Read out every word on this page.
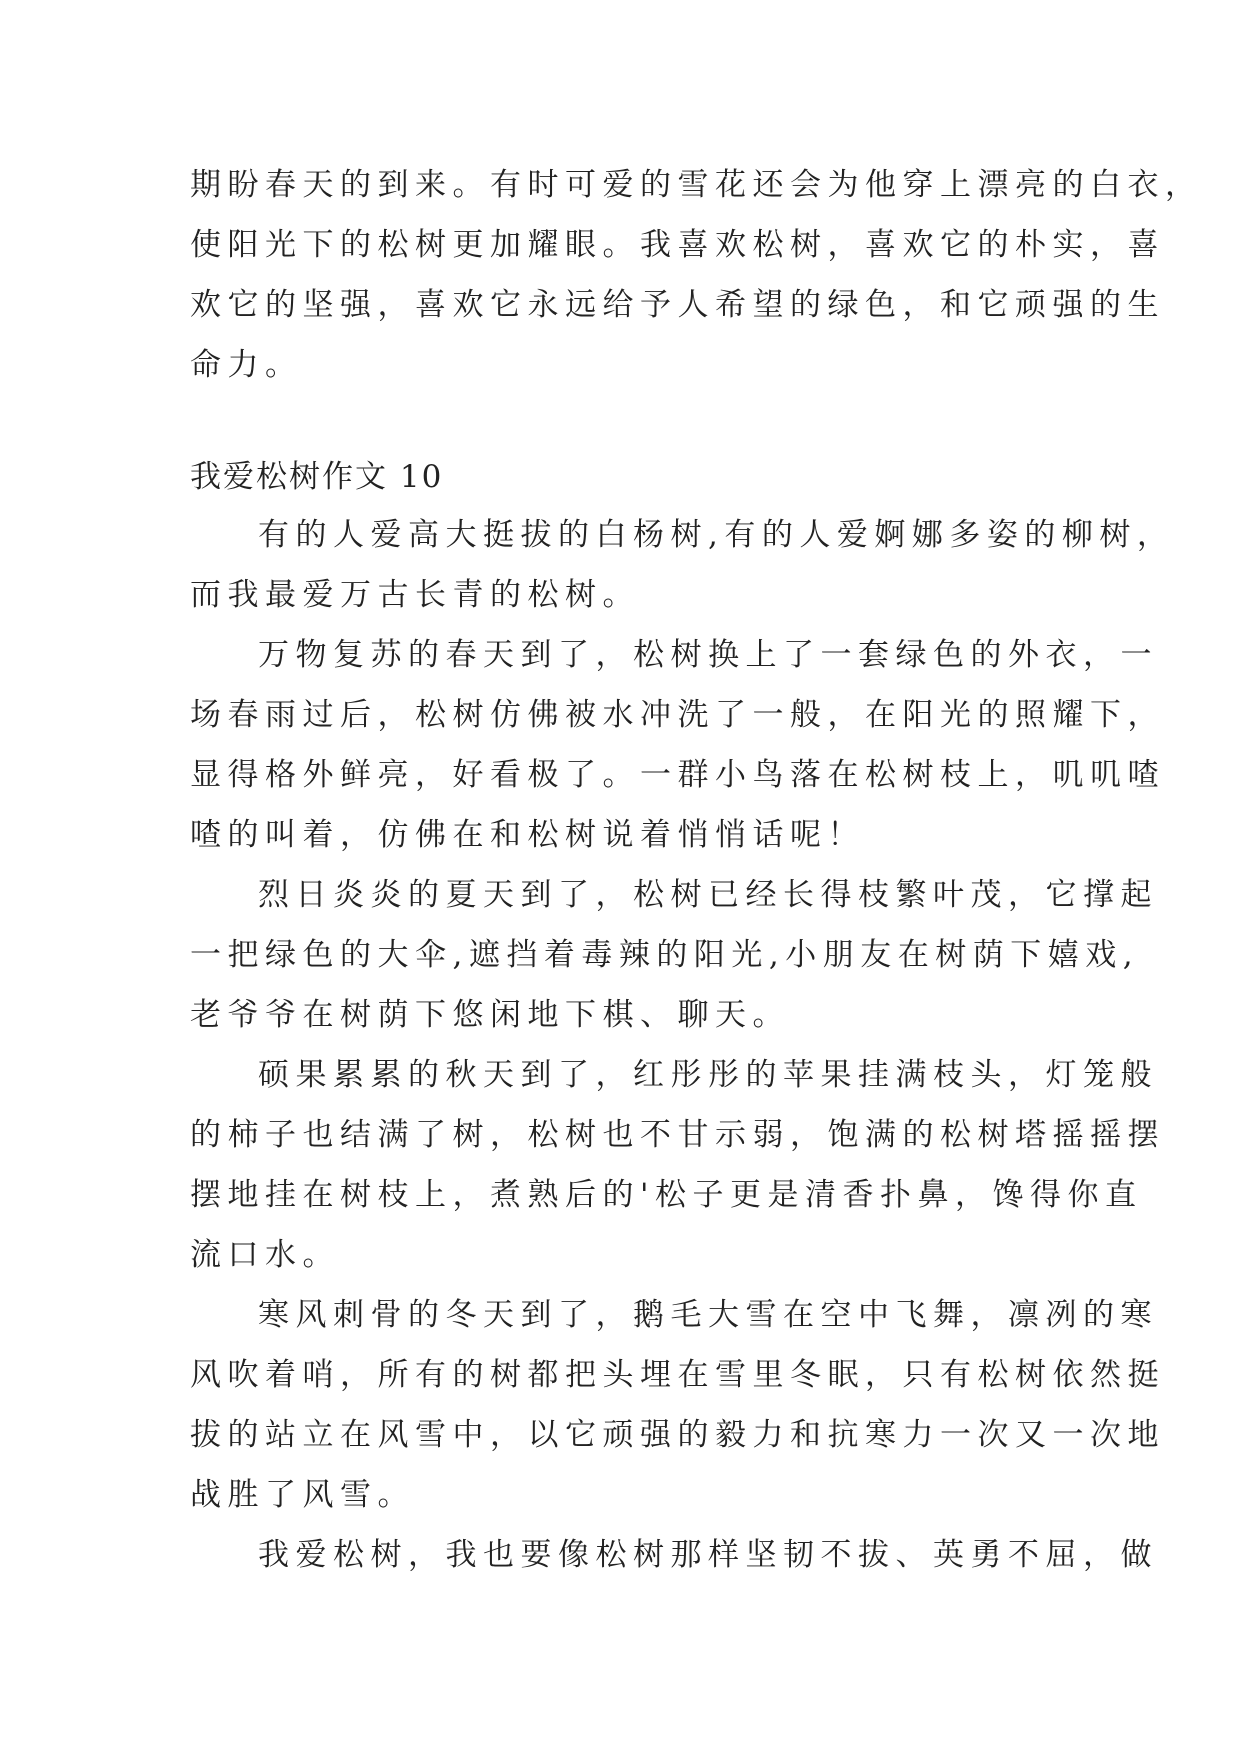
期盼春天的到来。有时可爱的雪花还会为他穿上漂亮的白衣，

使阳光下的松树更加耀眼。我喜欢松树，喜欢它的朴实，喜

欢它的坚强，喜欢它永远给予人希望的绿色，和它顽强的生

命力。

我爱松树作文 10

有的人爱高大挺拔的白杨树,有的人爱婀娜多姿的柳树，

而我最爱万古长青的松树。

万物复苏的春天到了，松树换上了一套绿色的外衣，一

场春雨过后，松树仿佛被水冲洗了一般，在阳光的照耀下，

显得格外鲜亮，好看极了。一群小鸟落在松树枝上，叽叽喳

喳的叫着，仿佛在和松树说着悄悄话呢！

烈日炎炎的夏天到了，松树已经长得枝繁叶茂，它撑起

一把绿色的大伞,遮挡着毒辣的阳光,小朋友在树荫下嬉戏,

老爷爷在树荫下悠闲地下棋、聊天。

硕果累累的秋天到了，红彤彤的苹果挂满枝头，灯笼般

的柿子也结满了树，松树也不甘示弱，饱满的松树塔摇摇摆

摆地挂在树枝上，煮熟后的'松子更是清香扑鼻，馋得你直

流口水。

寒风刺骨的冬天到了，鹅毛大雪在空中飞舞，凛冽的寒

风吹着哨，所有的树都把头埋在雪里冬眠，只有松树依然挺

拔的站立在风雪中，以它顽强的毅力和抗寒力一次又一次地

战胜了风雪。

我爱松树，我也要像松树那样坚韧不拔、英勇不屈，做
